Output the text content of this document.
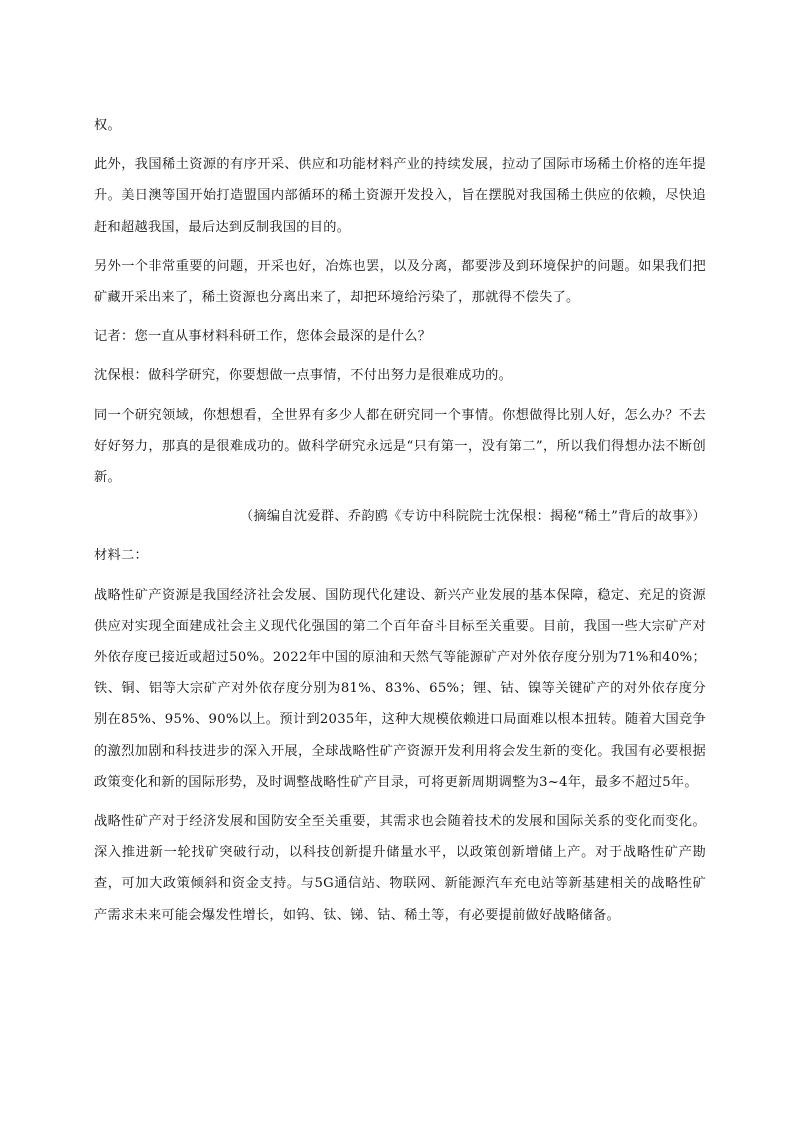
权。

此外，我国稀土资源的有序开采、供应和功能材料产业的持续发展，拉动了国际市场稀土价格的连年提升。美日澳等国开始打造盟国内部循环的稀土资源开发投入，旨在摆脱对我国稀土供应的依赖，尽快追赶和超越我国，最后达到反制我国的目的。

另外一个非常重要的问题，开采也好，冶炼也罢，以及分离，都要涉及到环境保护的问题。如果我们把矿藏开采出来了，稀土资源也分离出来了，却把环境给污染了，那就得不偿失了。

记者：您一直从事材料科研工作，您体会最深的是什么？

沈保根：做科学研究，你要想做一点事情，不付出努力是很难成功的。

同一个研究领域，你想想看，全世界有多少人都在研究同一个事情。你想做得比别人好，怎么办？不去好好努力，那真的是很难成功的。做科学研究永远是“只有第一，没有第二”，所以我们得想办法不断创新。

（摘编自沈爱群、乔韵鸥《专访中科院院士沈保根：揭秘“稀土”背后的故事》）

材料二：

战略性矿产资源是我国经济社会发展、国防现代化建设、新兴产业发展的基本保障，稳定、充足的资源供应对实现全面建成社会主义现代化强国的第二个百年奋斗目标至关重要。目前，我国一些大宗矿产对外依存度已接近或超过50%。2022年中国的原油和天然气等能源矿产对外依存度分别为71%和40%；铁、铜、铝等大宗矿产对外依存度分别为81%、83%、65%；锂、钴、镍等关键矿产的对外依存度分别在85%、95%、90%以上。预计到2035年，这种大规模依赖进口局面难以根本扭转。随着大国竞争的激烈加剧和科技进步的深入开展，全球战略性矿产资源开发利用将会发生新的变化。我国有必要根据政策变化和新的国际形势，及时调整战略性矿产目录，可将更新周期调整为3~4年，最多不超过5年。

战略性矿产对于经济发展和国防安全至关重要，其需求也会随着技术的发展和国际关系的变化而变化。深入推进新一轮找矿突破行动，以科技创新提升储量水平，以政策创新增储上产。对于战略性矿产勘查，可加大政策倾斜和资金支持。与5G通信站、物联网、新能源汽车充电站等新基建相关的战略性矿产需求未来可能会爆发性增长，如钨、钛、锑、钴、稀土等，有必要提前做好战略储备。
